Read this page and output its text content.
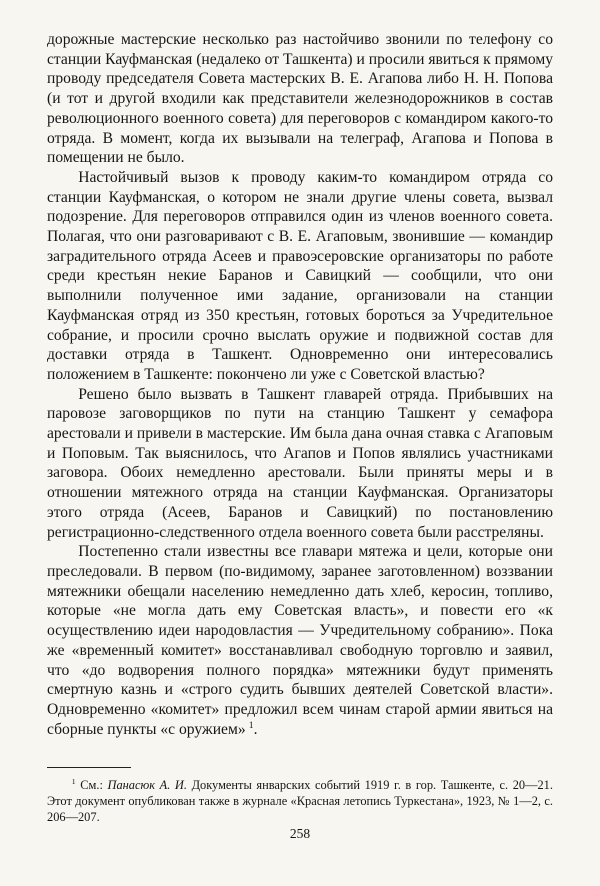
дорожные мастерские несколько раз настойчиво звонили по телефону со станции Кауфманская (недалеко от Ташкента) и просили явиться к прямому проводу председателя Совета мастерских В. Е. Агапова либо Н. Н. Попова (и тот и другой входили как представители железнодорожников в состав революционного военного совета) для переговоров с командиром какого-то отряда. В момент, когда их вызывали на телеграф, Агапова и Попова в помещении не было.

Настойчивый вызов к проводу каким-то командиром отряда со станции Кауфманская, о котором не знали другие члены совета, вызвал подозрение. Для переговоров отправился один из членов военного совета. Полагая, что они разговаривают с В. Е. Агаповым, звонившие — командир заградительного отряда Асеев и правоэсеровские организаторы по работе среди крестьян некие Баранов и Савицкий — сообщили, что они выполнили полученное ими задание, организовали на станции Кауфманская отряд из 350 крестьян, готовых бороться за Учредительное собрание, и просили срочно выслать оружие и подвижной состав для доставки отряда в Ташкент. Одновременно они интересовались положением в Ташкенте: покончено ли уже с Советской властью?

Решено было вызвать в Ташкент главарей отряда. Прибывших на паровозе заговорщиков по пути на станцию Ташкент у семафора арестовали и привели в мастерские. Им была дана очная ставка с Агаповым и Поповым. Так выяснилось, что Агапов и Попов являлись участниками заговора. Обоих немедленно арестовали. Были приняты меры и в отношении мятежного отряда на станции Кауфманская. Организаторы этого отряда (Асеев, Баранов и Савицкий) по постановлению регистрационно-следственного отдела военного совета были расстреляны.

Постепенно стали известны все главари мятежа и цели, которые они преследовали. В первом (по-видимому, заранее заготовленном) воззвании мятежники обещали населению немедленно дать хлеб, керосин, топливо, которые «не могла дать ему Советская власть», и повести его «к осуществлению идеи народовластия — Учредительному собранию». Пока же «временный комитет» восстанавливал свободную торговлю и заявил, что «до водворения полного порядка» мятежники будут применять смертную казнь и «строго судить бывших деятелей Советской власти». Одновременно «комитет» предложил всем чинам старой армии явиться на сборные пункты «с оружием»  $^1$.

$^1$ См.: Панасюк А. И. Документы январских событий 1919 г. в гор. Ташкенте, с. 20—21. Этот документ опубликован также в журнале «Красная летопись Туркестана», 1923, № 1—2, с. 206—207.
258
